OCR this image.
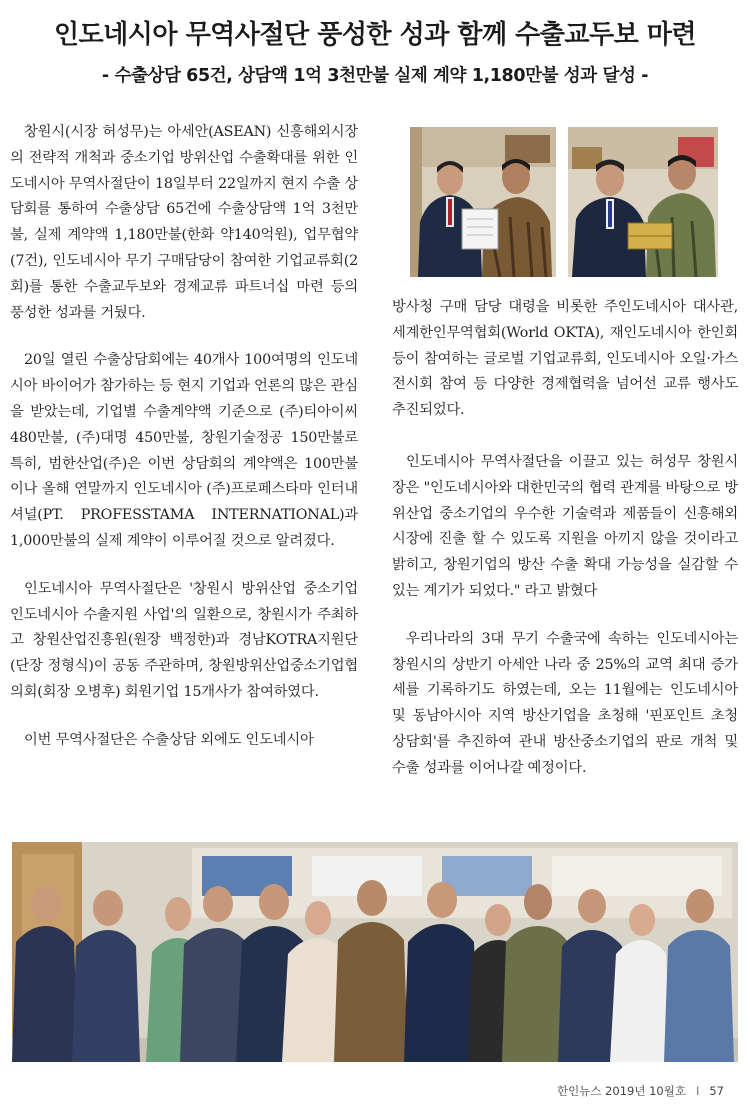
인도네시아 무역사절단 풍성한 성과 함께 수출교두보 마련
- 수출상담 65건, 상담액 1억 3천만불 실제 계약 1,180만불 성과 달성 -

창원시(시장 허성무)는 아세안(ASEAN) 신흥해외시장의 전략적 개척과 중소기업 방위산업 수출확대를 위한 인도네시아 무역사절단이 18일부터 22일까지 현지 수출 상담회를 통하여 수출상담 65건에 수출상담액 1억 3천만불, 실제 계약액 1,180만불(한화 약140억원), 업무협약(7건), 인도네시아 무기 구매담당이 참여한 기업교류회(2회)를 통한 수출교두보와 경제교류 파트너십 마련 등의 풍성한 성과를 거뒀다.

20일 열린 수출상담회에는 40개사 100여명의 인도네시아 바이어가 참가하는 등 현지 기업과 언론의 많은 관심을 받았는데, 기업별 수출계약액 기준으로 (주)티아이씨 480만불, (주)대명 450만불, 창원기술정공 150만불로 특히, 범한산업(주)은 이번 상담회의 계약액은 100만불이나 올해 연말까지 인도네시아 (주)프로페스타마 인터내셔널(PT. PROFESSTAMA INTERNATIONAL)과 1,000만불의 실제 계약이 이루어질 것으로 알려졌다.

인도네시아 무역사절단은 '창원시 방위산업 중소기업 인도네시아 수출지원 사업'의 일환으로, 창원시가 주최하고 창원산업진흥원(원장 백정한)과 경남KOTRA지원단(단장 정형식)이 공동 주관하며, 창원방위산업중소기업협의회(회장 오병후) 회원기업 15개사가 참여하였다.

이번 무역사절단은 수출상담 외에도 인도네시아

방사청 구매 담당 대령을 비롯한 주인도네시아 대사관, 세계한인무역협회(World OKTA), 재인도네시아 한인회 등이 참여하는 글로벌 기업교류회, 인도네시아 오일·가스 전시회 참여 등 다양한 경제협력을 넘어선 교류 행사도 추진되었다.

인도네시아 무역사절단을 이끌고 있는 허성무 창원시장은 "인도네시아와 대한민국의 협력 관계를 바탕으로 방위산업 중소기업의 우수한 기술력과 제품들이 신흥해외 시장에 진출 할 수 있도록 지원을 아끼지 않을 것이라고 밝히고, 창원기업의 방산 수출 확대 가능성을 실감할 수 있는 계기가 되었다." 라고 밝혔다

우리나라의 3대 무기 수출국에 속하는 인도네시아는 창원시의 상반기 아세안 나라 중 25%의 교역 최대 증가세를 기록하기도 하였는데, 오는 11월에는 인도네시아 및 동남아시아 지역 방산기업을 초청해 '핀포인트 초청 상담회'를 추진하여 관내 방산중소기업의 판로 개척 및 수출 성과를 이어나갈 예정이다.

한인뉴스 2019년 10월호 I 57
